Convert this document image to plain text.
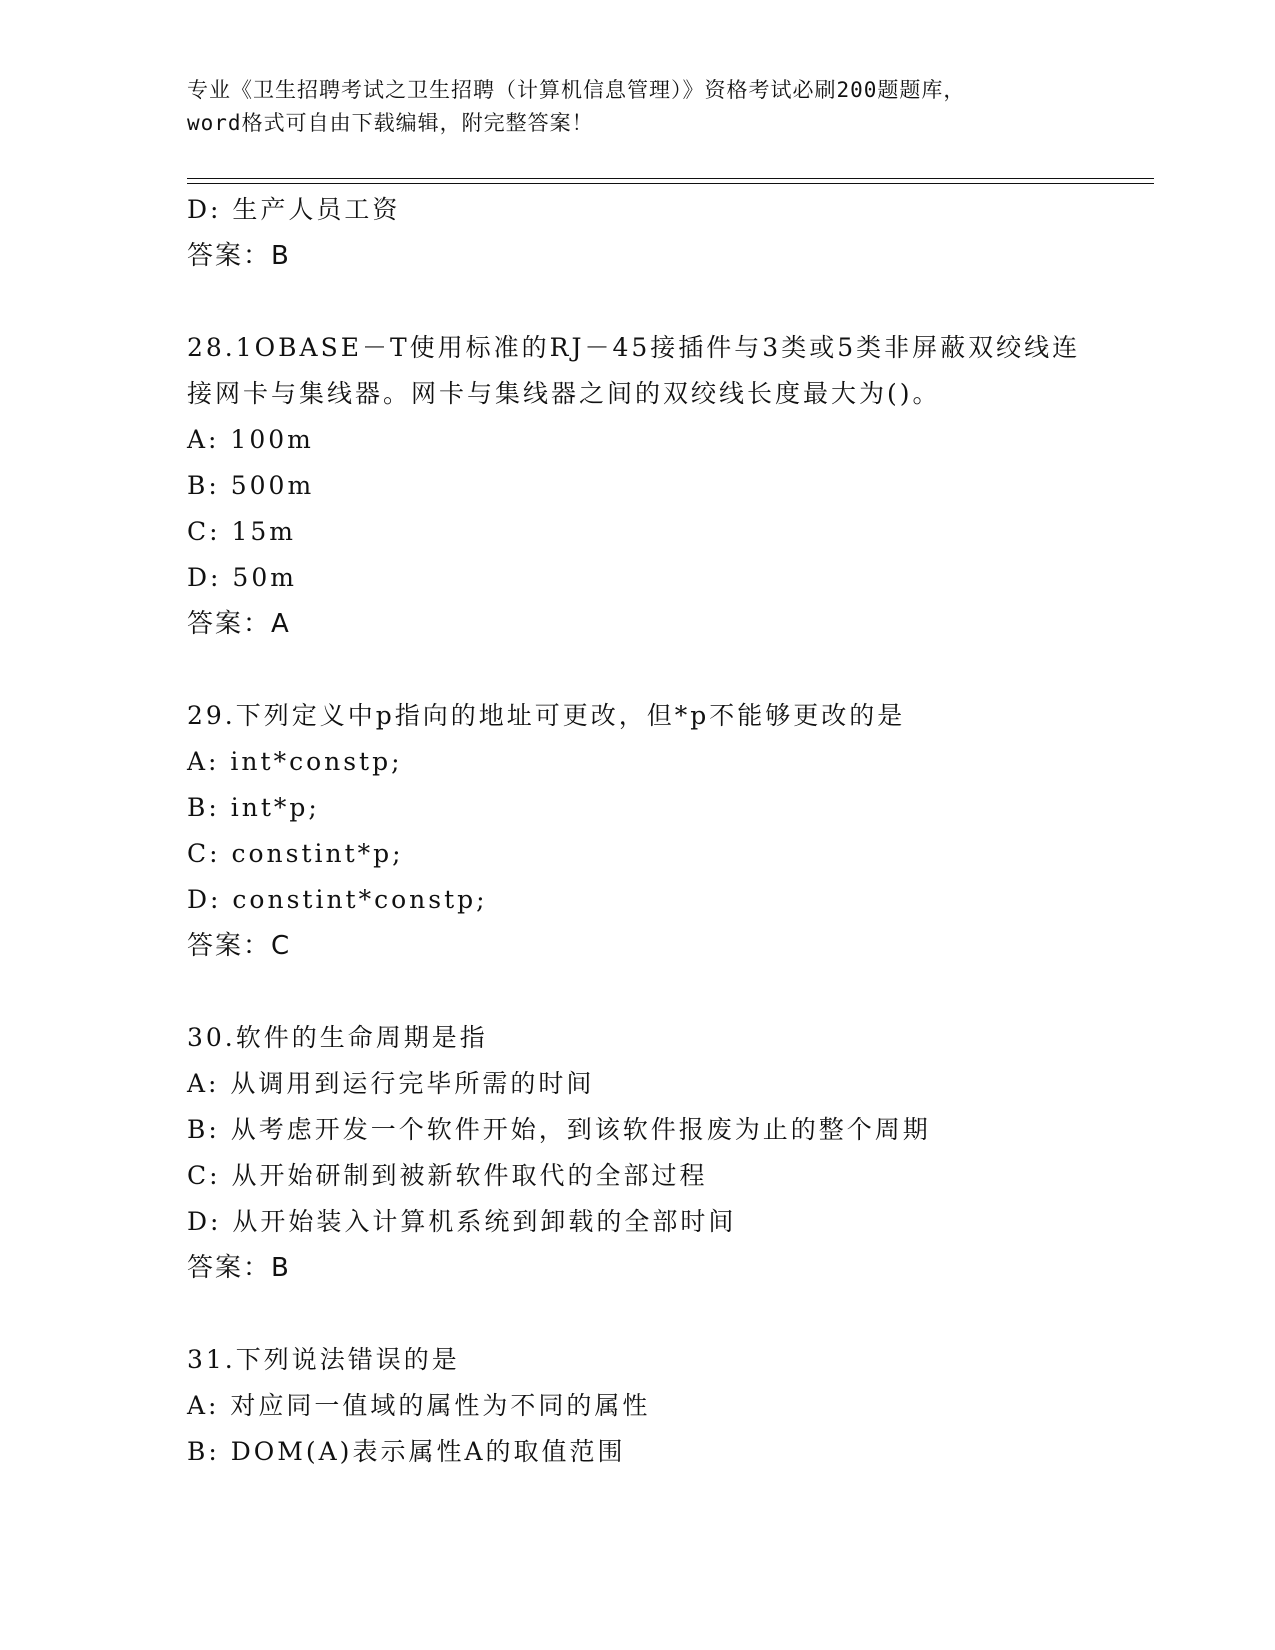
专业《卫生招聘考试之卫生招聘（计算机信息管理）》资格考试必刷200题题库，

word格式可自由下载编辑，附完整答案！

D: 生产人员工资
答案：B
28.1OBASE－T使用标准的RJ－45接插件与3类或5类非屏蔽双绞线连
接网卡与集线器。网卡与集线器之间的双绞线长度最大为()。
A: 100m
B: 500m
C: 15m
D: 50m
答案：A
29.下列定义中p指向的地址可更改，但*p不能够更改的是
A: int*constp;
B: int*p;
C: constint*p;
D: constint*constp;
答案：C
30.软件的生命周期是指
A: 从调用到运行完毕所需的时间
B: 从考虑开发一个软件开始，到该软件报废为止的整个周期
C: 从开始研制到被新软件取代的全部过程
D: 从开始装入计算机系统到卸载的全部时间
答案：B
31.下列说法错误的是
A: 对应同一值域的属性为不同的属性
B: DOM(A)表示属性A的取值范围
